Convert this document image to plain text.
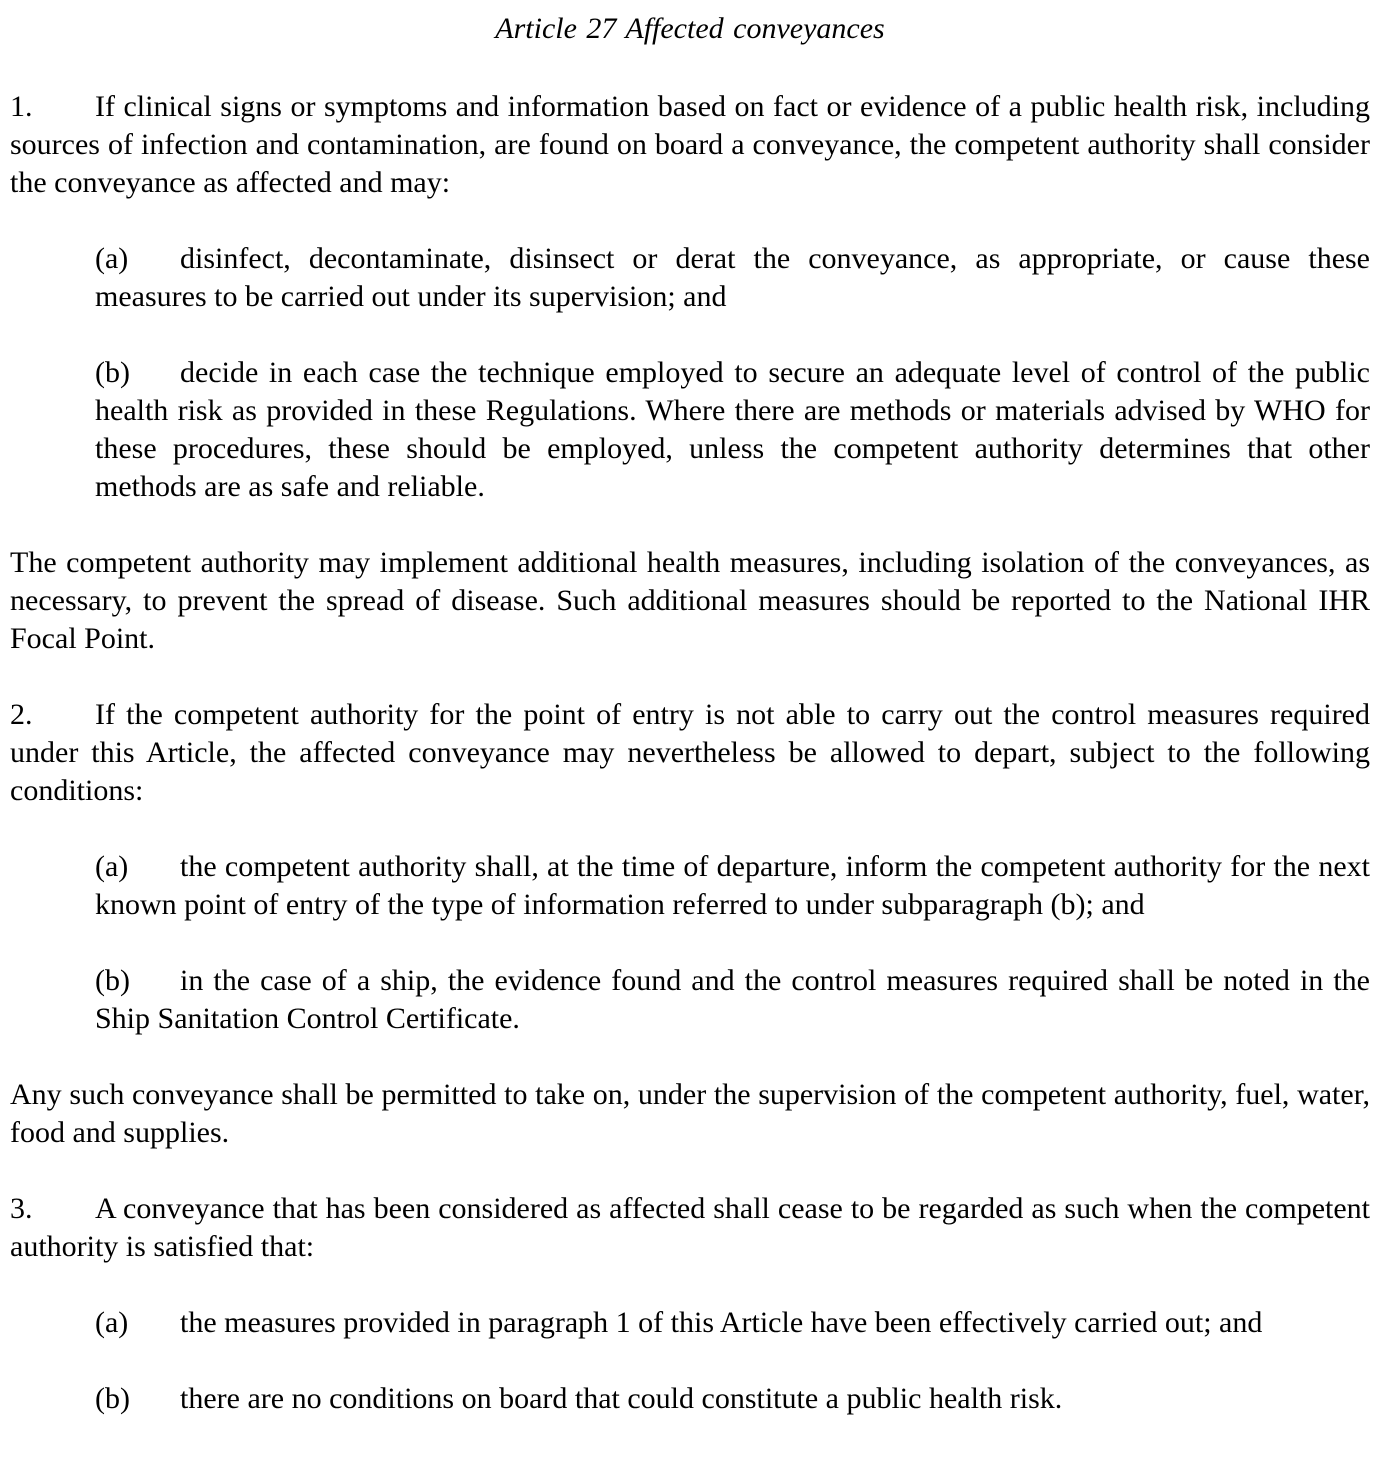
Article 27 Affected conveyances
1. If clinical signs or symptoms and information based on fact or evidence of a public health risk, including sources of infection and contamination, are found on board a conveyance, the competent authority shall consider the conveyance as affected and may:
(a) disinfect, decontaminate, disinsect or derat the conveyance, as appropriate, or cause these measures to be carried out under its supervision; and
(b) decide in each case the technique employed to secure an adequate level of control of the public health risk as provided in these Regulations. Where there are methods or materials advised by WHO for these procedures, these should be employed, unless the competent authority determines that other methods are as safe and reliable.
The competent authority may implement additional health measures, including isolation of the conveyances, as necessary, to prevent the spread of disease. Such additional measures should be reported to the National IHR Focal Point.
2. If the competent authority for the point of entry is not able to carry out the control measures required under this Article, the affected conveyance may nevertheless be allowed to depart, subject to the following conditions:
(a) the competent authority shall, at the time of departure, inform the competent authority for the next known point of entry of the type of information referred to under subparagraph (b); and
(b) in the case of a ship, the evidence found and the control measures required shall be noted in the Ship Sanitation Control Certificate.
Any such conveyance shall be permitted to take on, under the supervision of the competent authority, fuel, water, food and supplies.
3. A conveyance that has been considered as affected shall cease to be regarded as such when the competent authority is satisfied that:
(a) the measures provided in paragraph 1 of this Article have been effectively carried out; and
(b) there are no conditions on board that could constitute a public health risk.
